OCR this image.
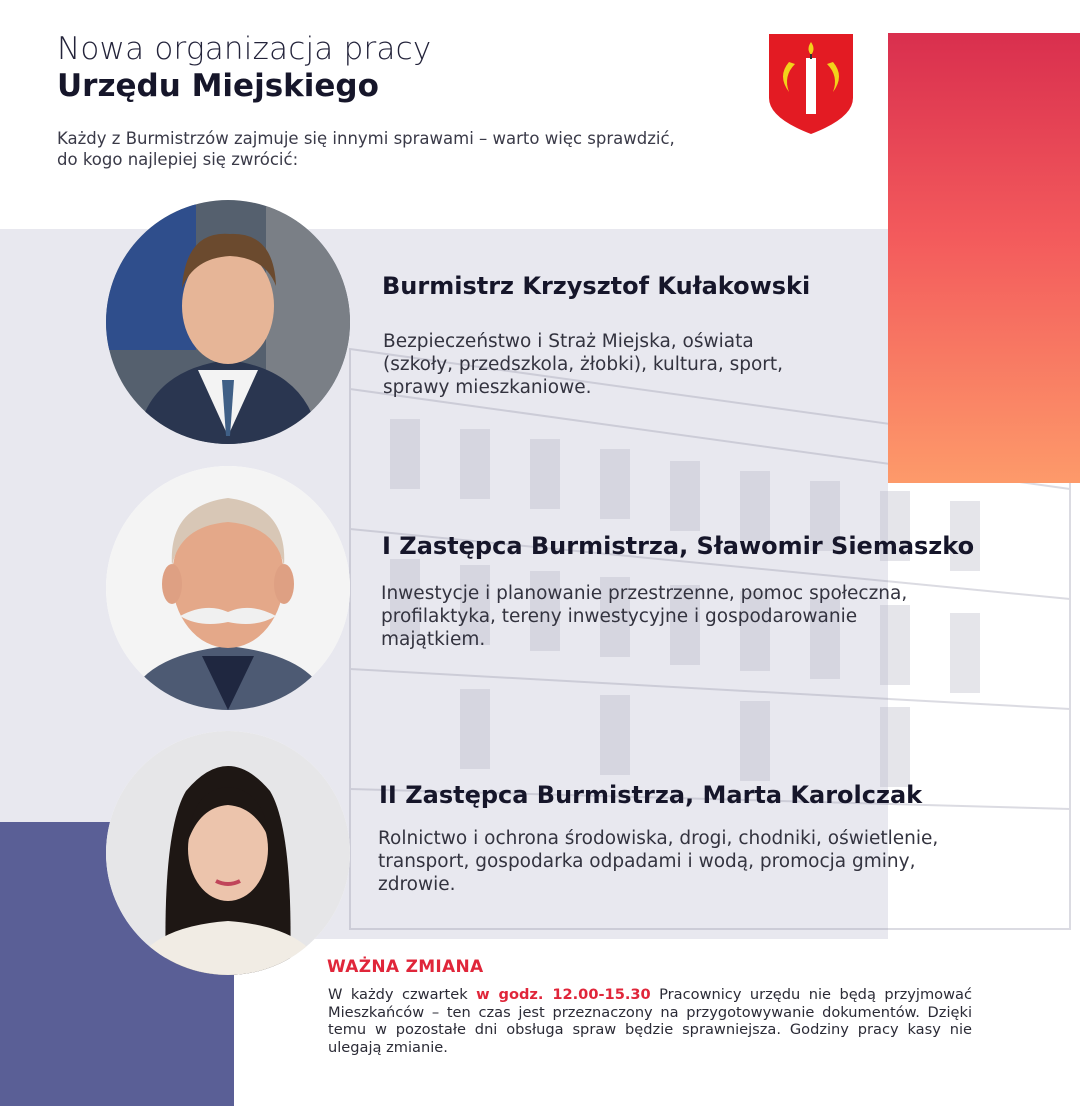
Nowa organizacja pracy
Urzędu Miejskiego
Każdy z Burmistrzów zajmuje się innymi sprawami – warto więc sprawdzić,
do kogo najlepiej się zwrócić:
Burmistrz Krzysztof Kułakowski
Bezpieczeństwo i Straż Miejska, oświata
(szkoły, przedszkola, żłobki), kultura, sport,
sprawy mieszkaniowe.
I Zastępca Burmistrza, Sławomir Siemaszko
Inwestycje i planowanie przestrzenne, pomoc społeczna,
profilaktyka, tereny inwestycyjne i gospodarowanie
majątkiem.
II Zastępca Burmistrza, Marta Karolczak
Rolnictwo i ochrona środowiska, drogi, chodniki, oświetlenie,
transport, gospodarka odpadami i wodą, promocja gminy,
zdrowie.
WAŻNA ZMIANA
W każdy czwartek w godz. 12.00-15.30 Pracownicy urzędu nie będą przyjmować Mieszkańców – ten czas jest przeznaczony na przygotowywanie dokumentów. Dzięki temu w pozostałe dni obsługa spraw będzie sprawniejsza. Godziny pracy kasy nie ulegają zmianie.
